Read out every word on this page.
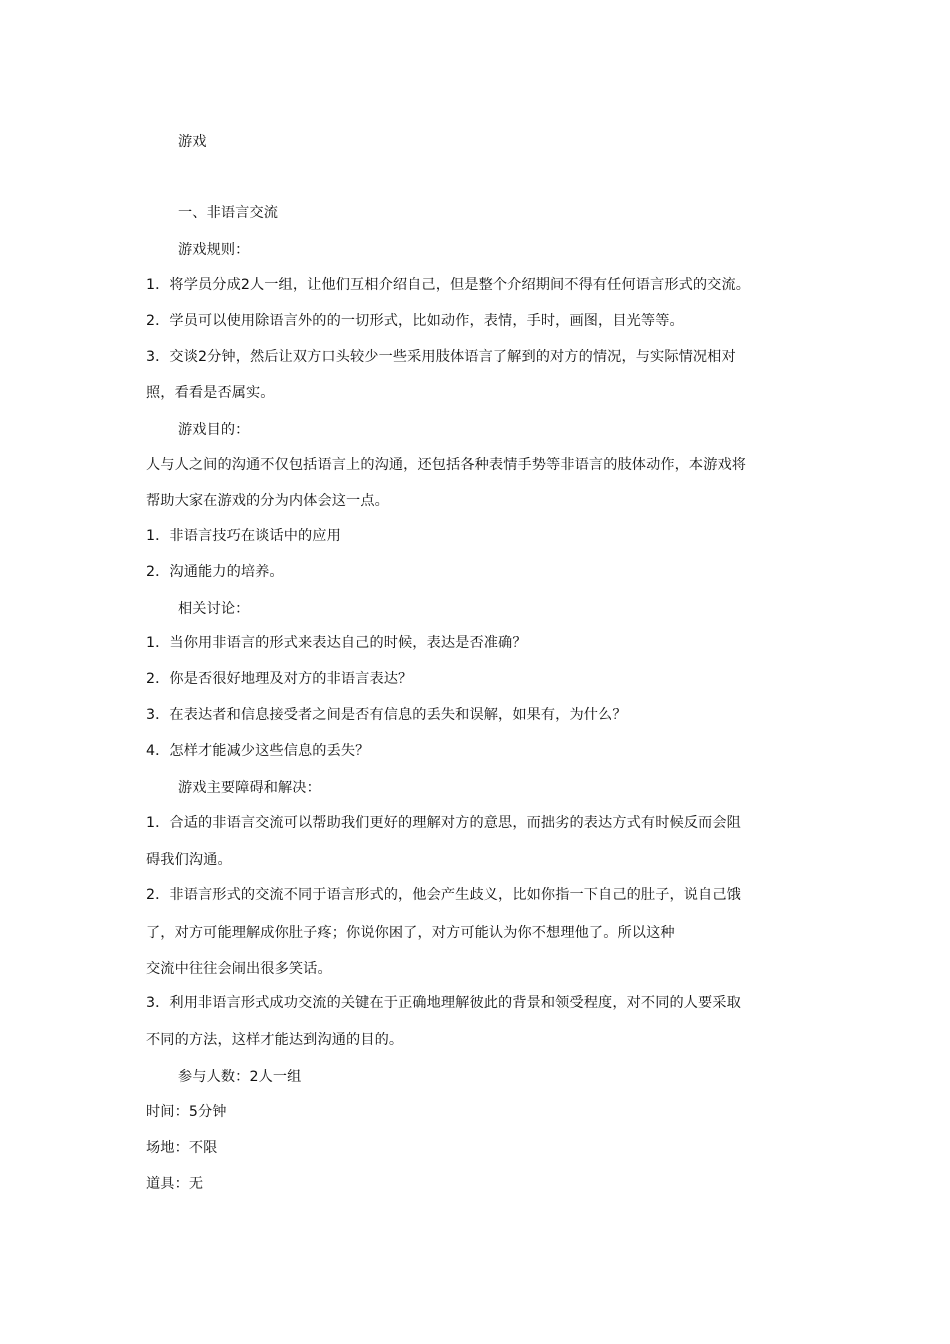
游戏
一、非语言交流
游戏规则：
1．将学员分成2人一组，让他们互相介绍自己，但是整个介绍期间不得有任何语言形式的交流。
2．学员可以使用除语言外的的一切形式，比如动作，表情，手时，画图，目光等等。
3．交谈2分钟，然后让双方口头较少一些采用肢体语言了解到的对方的情况，与实际情况相对
照，看看是否属实。
游戏目的：
人与人之间的沟通不仅包括语言上的沟通，还包括各种表情手势等非语言的肢体动作，本游戏将
帮助大家在游戏的分为内体会这一点。
1．非语言技巧在谈话中的应用
2．沟通能力的培养。
相关讨论：
1．当你用非语言的形式来表达自己的时候，表达是否准确？
2．你是否很好地理及对方的非语言表达？
3．在表达者和信息接受者之间是否有信息的丢失和误解，如果有，为什么？
4．怎样才能减少这些信息的丢失？
游戏主要障碍和解决：
1．合适的非语言交流可以帮助我们更好的理解对方的意思，而拙劣的表达方式有时候反而会阻
碍我们沟通。
2．非语言形式的交流不同于语言形式的，他会产生歧义，比如你指一下自己的肚子，说自己饿
了，对方可能理解成你肚子疼；你说你困了，对方可能认为你不想理他了。所以这种
交流中往往会闹出很多笑话。
3．利用非语言形式成功交流的关键在于正确地理解彼此的背景和领受程度，对不同的人要采取
不同的方法，这样才能达到沟通的目的。
参与人数：2人一组
时间：5分钟
场地：不限
道具：无
